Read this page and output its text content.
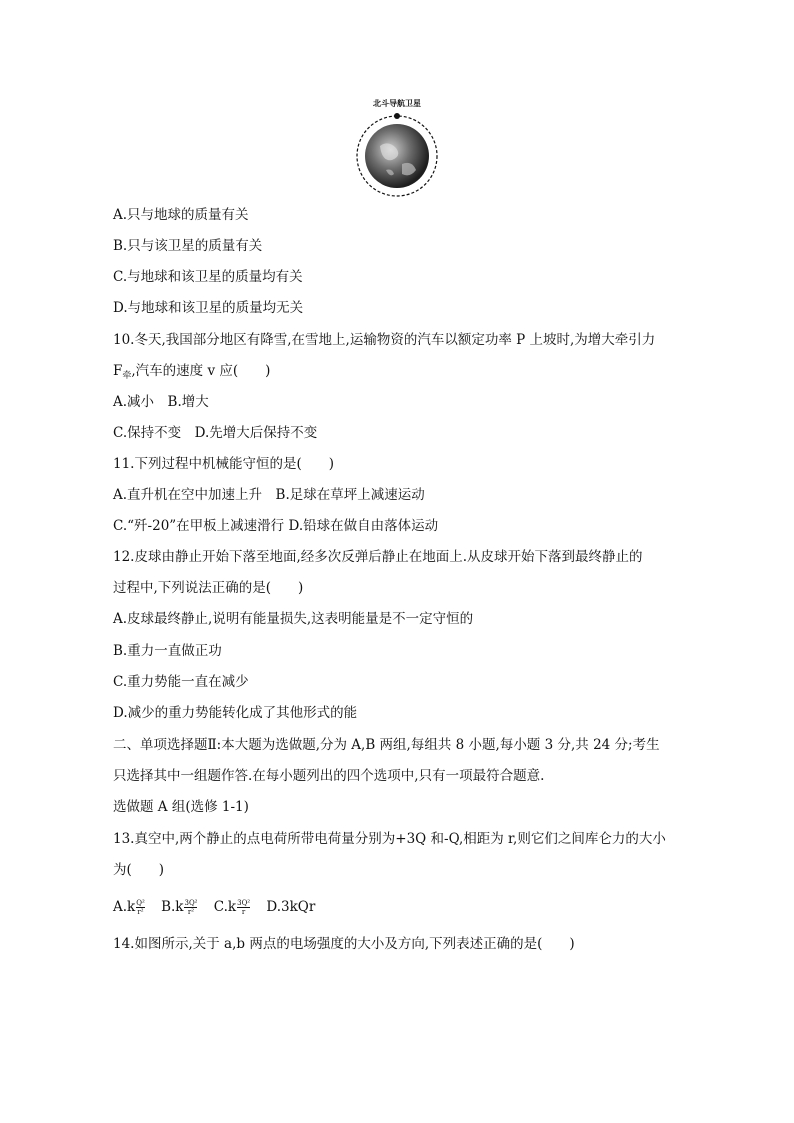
北斗导航卫星
A.只与地球的质量有关
B.只与该卫星的质量有关
C.与地球和该卫星的质量均有关
D.与地球和该卫星的质量均无关
10.冬天,我国部分地区有降雪,在雪地上,运输物资的汽车以额定功率 P 上坡时,为增大牵引力
$F_牵$,汽车的速度 v 应(　　)
A.减小　B.增大
C.保持不变　D.先增大后保持不变
11.下列过程中机械能守恒的是(　　)
A.直升机在空中加速上升　B.足球在草坪上减速运动
C.“歼-20”在甲板上减速滑行 D.铅球在做自由落体运动
12.皮球由静止开始下落至地面,经多次反弹后静止在地面上.从皮球开始下落到最终静止的
过程中,下列说法正确的是(　　)
A.皮球最终静止,说明有能量损失,这表明能量是不一定守恒的
B.重力一直做正功
C.重力势能一直在减少
D.减少的重力势能转化成了其他形式的能
二、单项选择题Ⅱ:本大题为选做题,分为 A,B 两组,每组共 8 小题,每小题 3 分,共 24 分;考生
只选择其中一组题作答.在每小题列出的四个选项中,只有一项最符合题意.
选做题 A 组(选修 1-1)
13.真空中,两个静止的点电荷所带电荷量分别为+3Q 和-Q,相距为 r,则它们之间库仑力的大小
为(　　)
$A.k \frac{\text{Q²}}{\text{r²}} B.k \frac{\text{3Q²}}{\text{r²}} C.k \frac{\text{3Q²}}{r} D.3kQr$
14.如图所示,关于 a,b 两点的电场强度的大小及方向,下列表述正确的是(　　)
